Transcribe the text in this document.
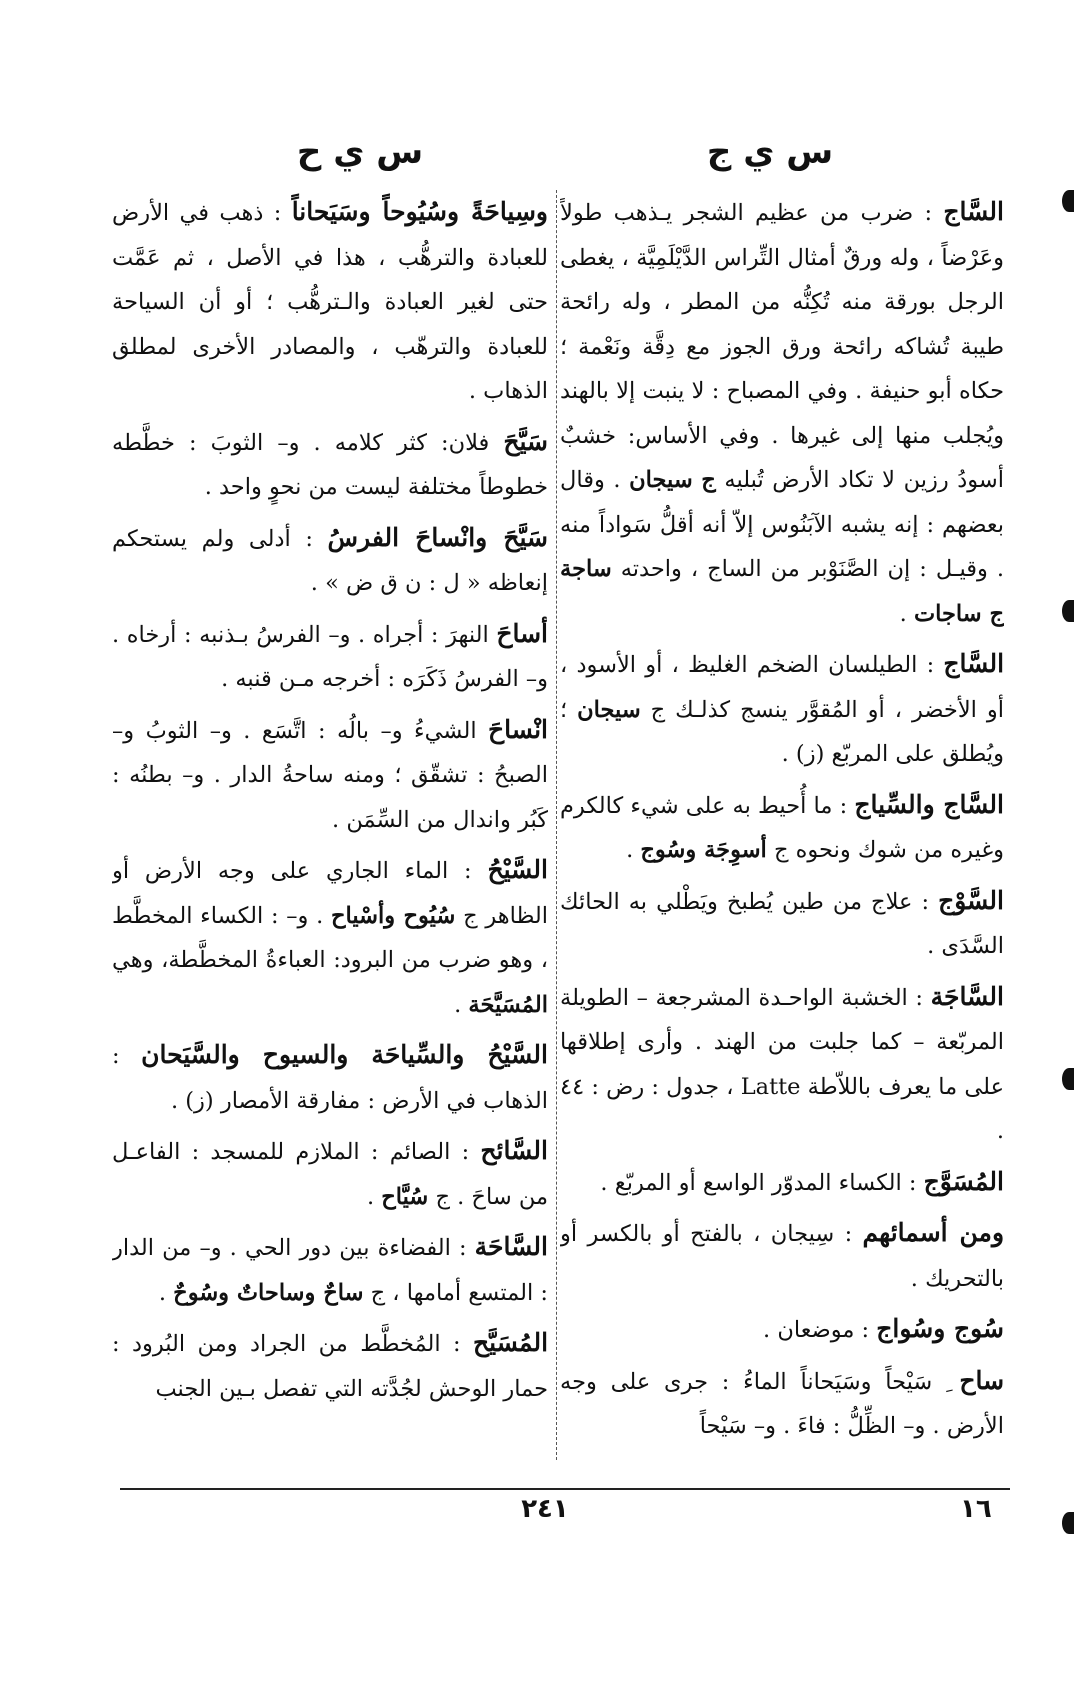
س ي ج
س ي ح

السَّاج : ضرب من عظيم الشجر يـذهب طولاً وعَرْضاً ، وله ورقٌ أمثال التِّراس الدَّيْلَمِيَّة ، يغطى الرجل بورقة منه تُكِنُّه من المطر ، وله رائحة طيبة تُشاكه رائحة ورق الجوز مع دِقَّة ونَعْمة ؛ حكاه أبو حنيفة . وفي المصباح : لا ينبت إلا بالهند ويُجلب منها إلى غيرها . وفي الأساس: خشبٌ أسودُ رزين لا تكاد الأرض تُبليه ج سيجان . وقال بعضهم : إنه يشبه الآبَنُوس إلاّ أنه أقلُّ سَواداً منه . وقيـل : إن الصَّنَوْبر من الساج ، واحدته ساجة ج ساجات .

السَّاج : الطيلسان الضخم الغليظ ، أو الأسود ، أو الأخضر ، أو المُقوَّر ينسج كذلـك ج سيجان ؛ ويُطلق على المربّع (ز) .

السَّاج والسِّياج : ما أُحيط به على شيء كالكرم وغيره من شوك ونحوه ج أسوِجَة وسُوج .

السَّوْج : علاج من طين يُطبخ ويَطْلي به الحائك السَّدَى .

السَّاجَة : الخشبة الواحـدة المشرجعة – الطويلة المربّعة – كما جلبت من الهند . وأرى إطلاقها على ما يعرف باللاّطة Latte ، جدول : رض : ٤٤ .

المُسَوَّج : الكساء المدوّر الواسع أو المربّع .

ومن أسمائهم : سِيجان ، بالفتح أو بالكسر أو بالتحريك .

سُوج وسُواج : موضعان .

ساح ِ سَيْحاً وسَيَحاناً الماءُ : جرى على وجه الأرض . و– الظِّلُّ : فاءَ . و– سَيْحاً

وسِياحَةً وسُيُوحاً وسَيَحاناً : ذهب في الأرض للعبادة والترهُّب ، هذا في الأصل ، ثم عَمَّت حتى لغير العبادة والـترهُّب ؛ أو أن السياحة للعبادة والترهّب ، والمصادر الأخرى لمطلق الذهاب .

سَيَّحَ فلان: كثر كلامه . و– الثوبَ : خطَّطه خطوطاً مختلفة ليست من نحوٍ واحد .

سَيَّحَ وانْساحَ الفرسُ : أدلى ولم يستحكم إنعاظه « ل : ن ق ض » .

أساحَ النهرَ : أجراه . و– الفرسُ بـذنبه : أرخاه . و– الفرسُ ذَكَرَه : أخرجه مـن قنبه .

انْساحَ الشيءُ و– بالُه : اتَّسَع . و– الثوبُ و– الصبحُ : تشقّق ؛ ومنه ساحةُ الدار . و– بطنُه : كَبُر واندال من السِّمَن .

السَّيْحُ : الماء الجاري على وجه الأرض أو الظاهر ج سُيُوح وأسْياح . و– : الكساء المخطَّط ، وهو ضرب من البرود: العباءةُ المخطَّطة، وهي المُسَيَّحَة .

السَّيْحُ والسِّياحَة والسيوح والسَّيَحان : الذهاب في الأرض : مفارقة الأمصار (ز) .

السَّائح : الصائم : الملازم للمسجد : الفاعـل من ساحَ . ج سُيَّاح .

السَّاحَة : الفضاءة بين دور الحي . و– من الدار : المتسع أمامها ، ج ساحٌ وساحاتٌ وسُوحٌ .

المُسَيَّح : المُخطَّط من الجراد ومن البُرود : حمار الوحش لجُدَّته التي تفصل بـين الجنب

١٦
٢٤١
